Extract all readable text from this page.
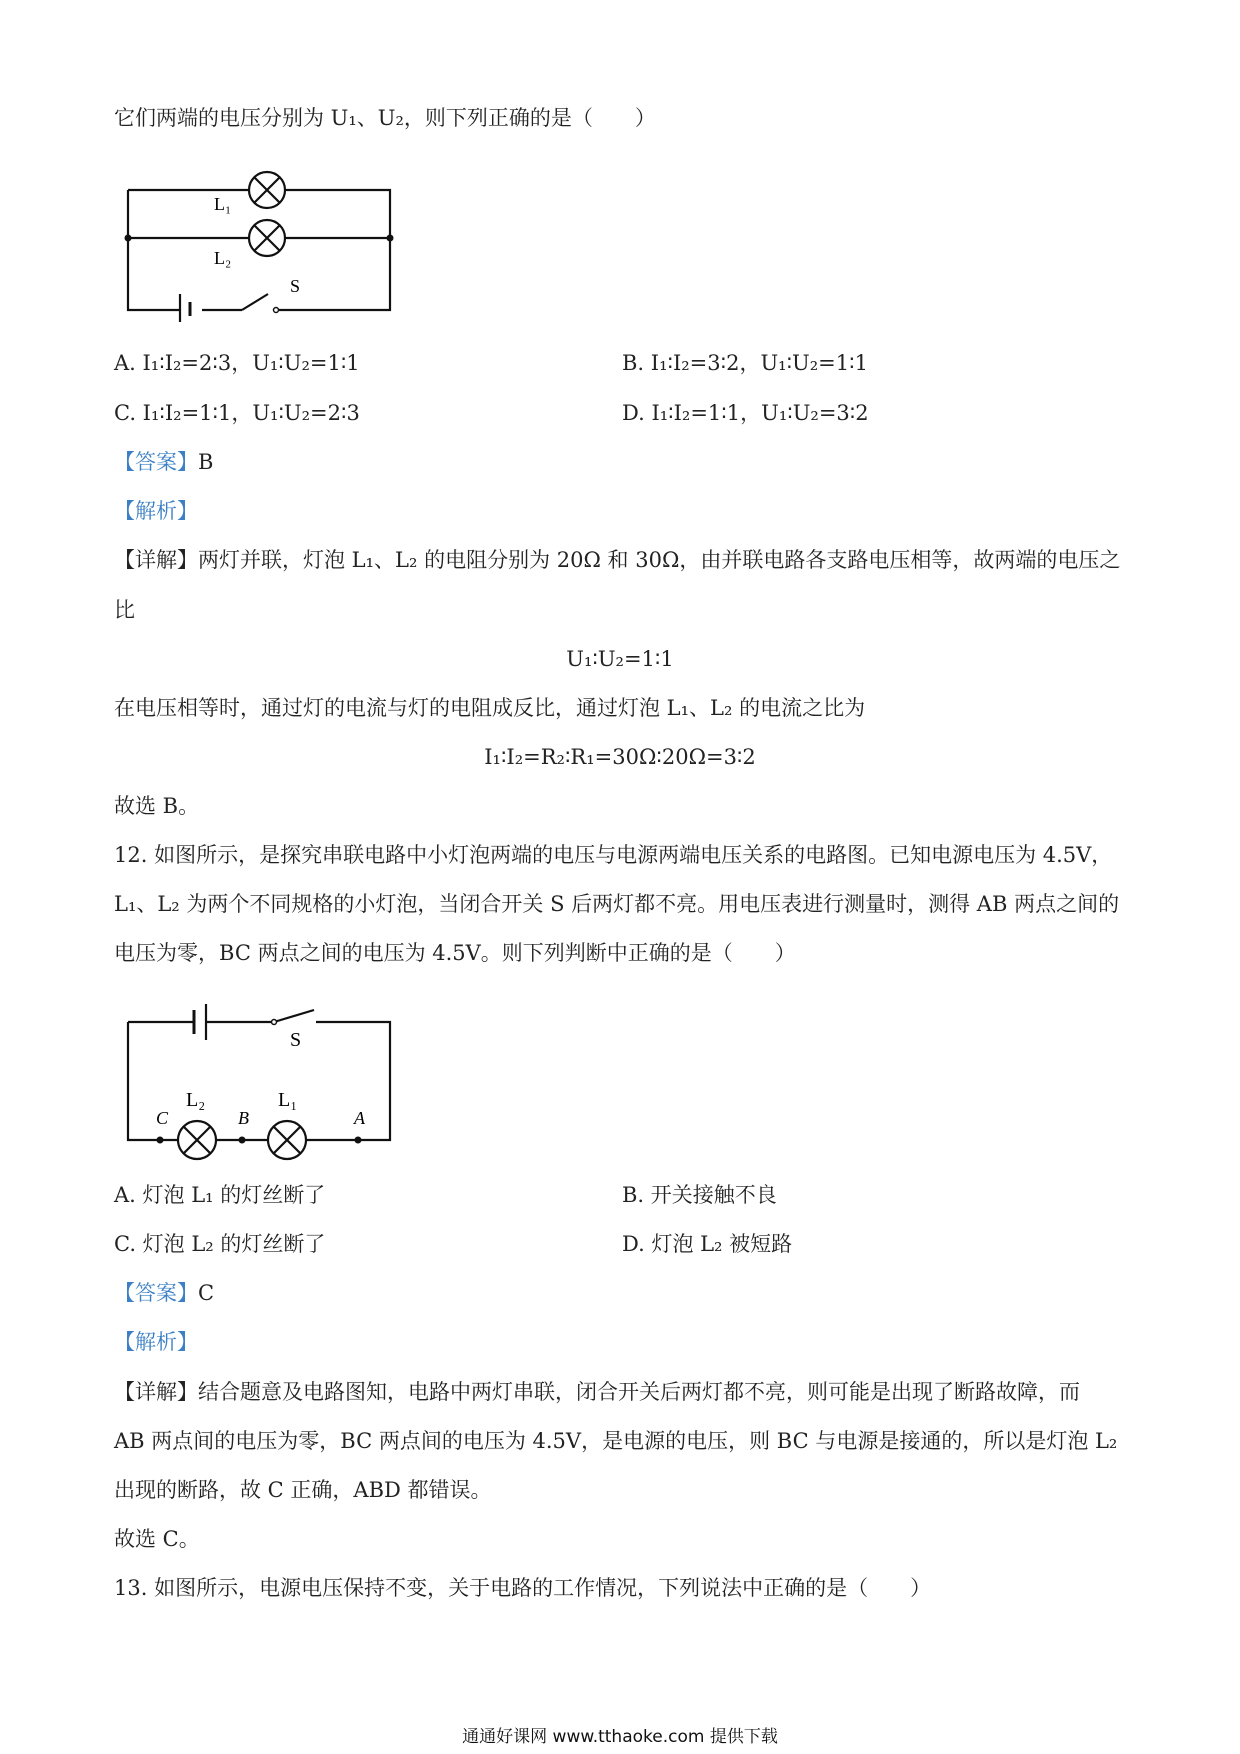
它们两端的电压分别为 U₁、U₂，则下列正确的是（　　）
L₁
L₂
S
A. I₁∶I₂=2∶3，U₁∶U₂=1∶1	B. I₁∶I₂=3∶2，U₁∶U₂=1∶1
C. I₁∶I₂=1∶1，U₁∶U₂=2∶3	D. I₁∶I₂=1∶1，U₁∶U₂=3∶2
【答案】B
【解析】
【详解】两灯并联，灯泡 L₁、L₂ 的电阻分别为 20Ω 和 30Ω，由并联电路各支路电压相等，故两端的电压之
比
U₁∶U₂=1∶1
在电压相等时，通过灯的电流与灯的电阻成反比，通过灯泡 L₁、L₂ 的电流之比为
I₁∶I₂=R₂∶R₁=30Ω∶20Ω=3∶2
故选 B。
12. 如图所示，是探究串联电路中小灯泡两端的电压与电源两端电压关系的电路图。已知电源电压为 4.5V，
L₁、L₂ 为两个不同规格的小灯泡，当闭合开关 S 后两灯都不亮。用电压表进行测量时，测得 AB 两点之间的
电压为零，BC 两点之间的电压为 4.5V。则下列判断中正确的是（　　）
S
L₂	L₁
C	B	A
A. 灯泡 L₁ 的灯丝断了	B. 开关接触不良
C. 灯泡 L₂ 的灯丝断了	D. 灯泡 L₂ 被短路
【答案】C
【解析】
【详解】结合题意及电路图知，电路中两灯串联，闭合开关后两灯都不亮，则可能是出现了断路故障，而
AB 两点间的电压为零，BC 两点间的电压为 4.5V，是电源的电压，则 BC 与电源是接通的，所以是灯泡 L₂
出现的断路，故 C 正确，ABD 都错误。
故选 C。
13. 如图所示，电源电压保持不变，关于电路的工作情况，下列说法中正确的是（　　）
通通好课网 www.tthaoke.com 提供下载
